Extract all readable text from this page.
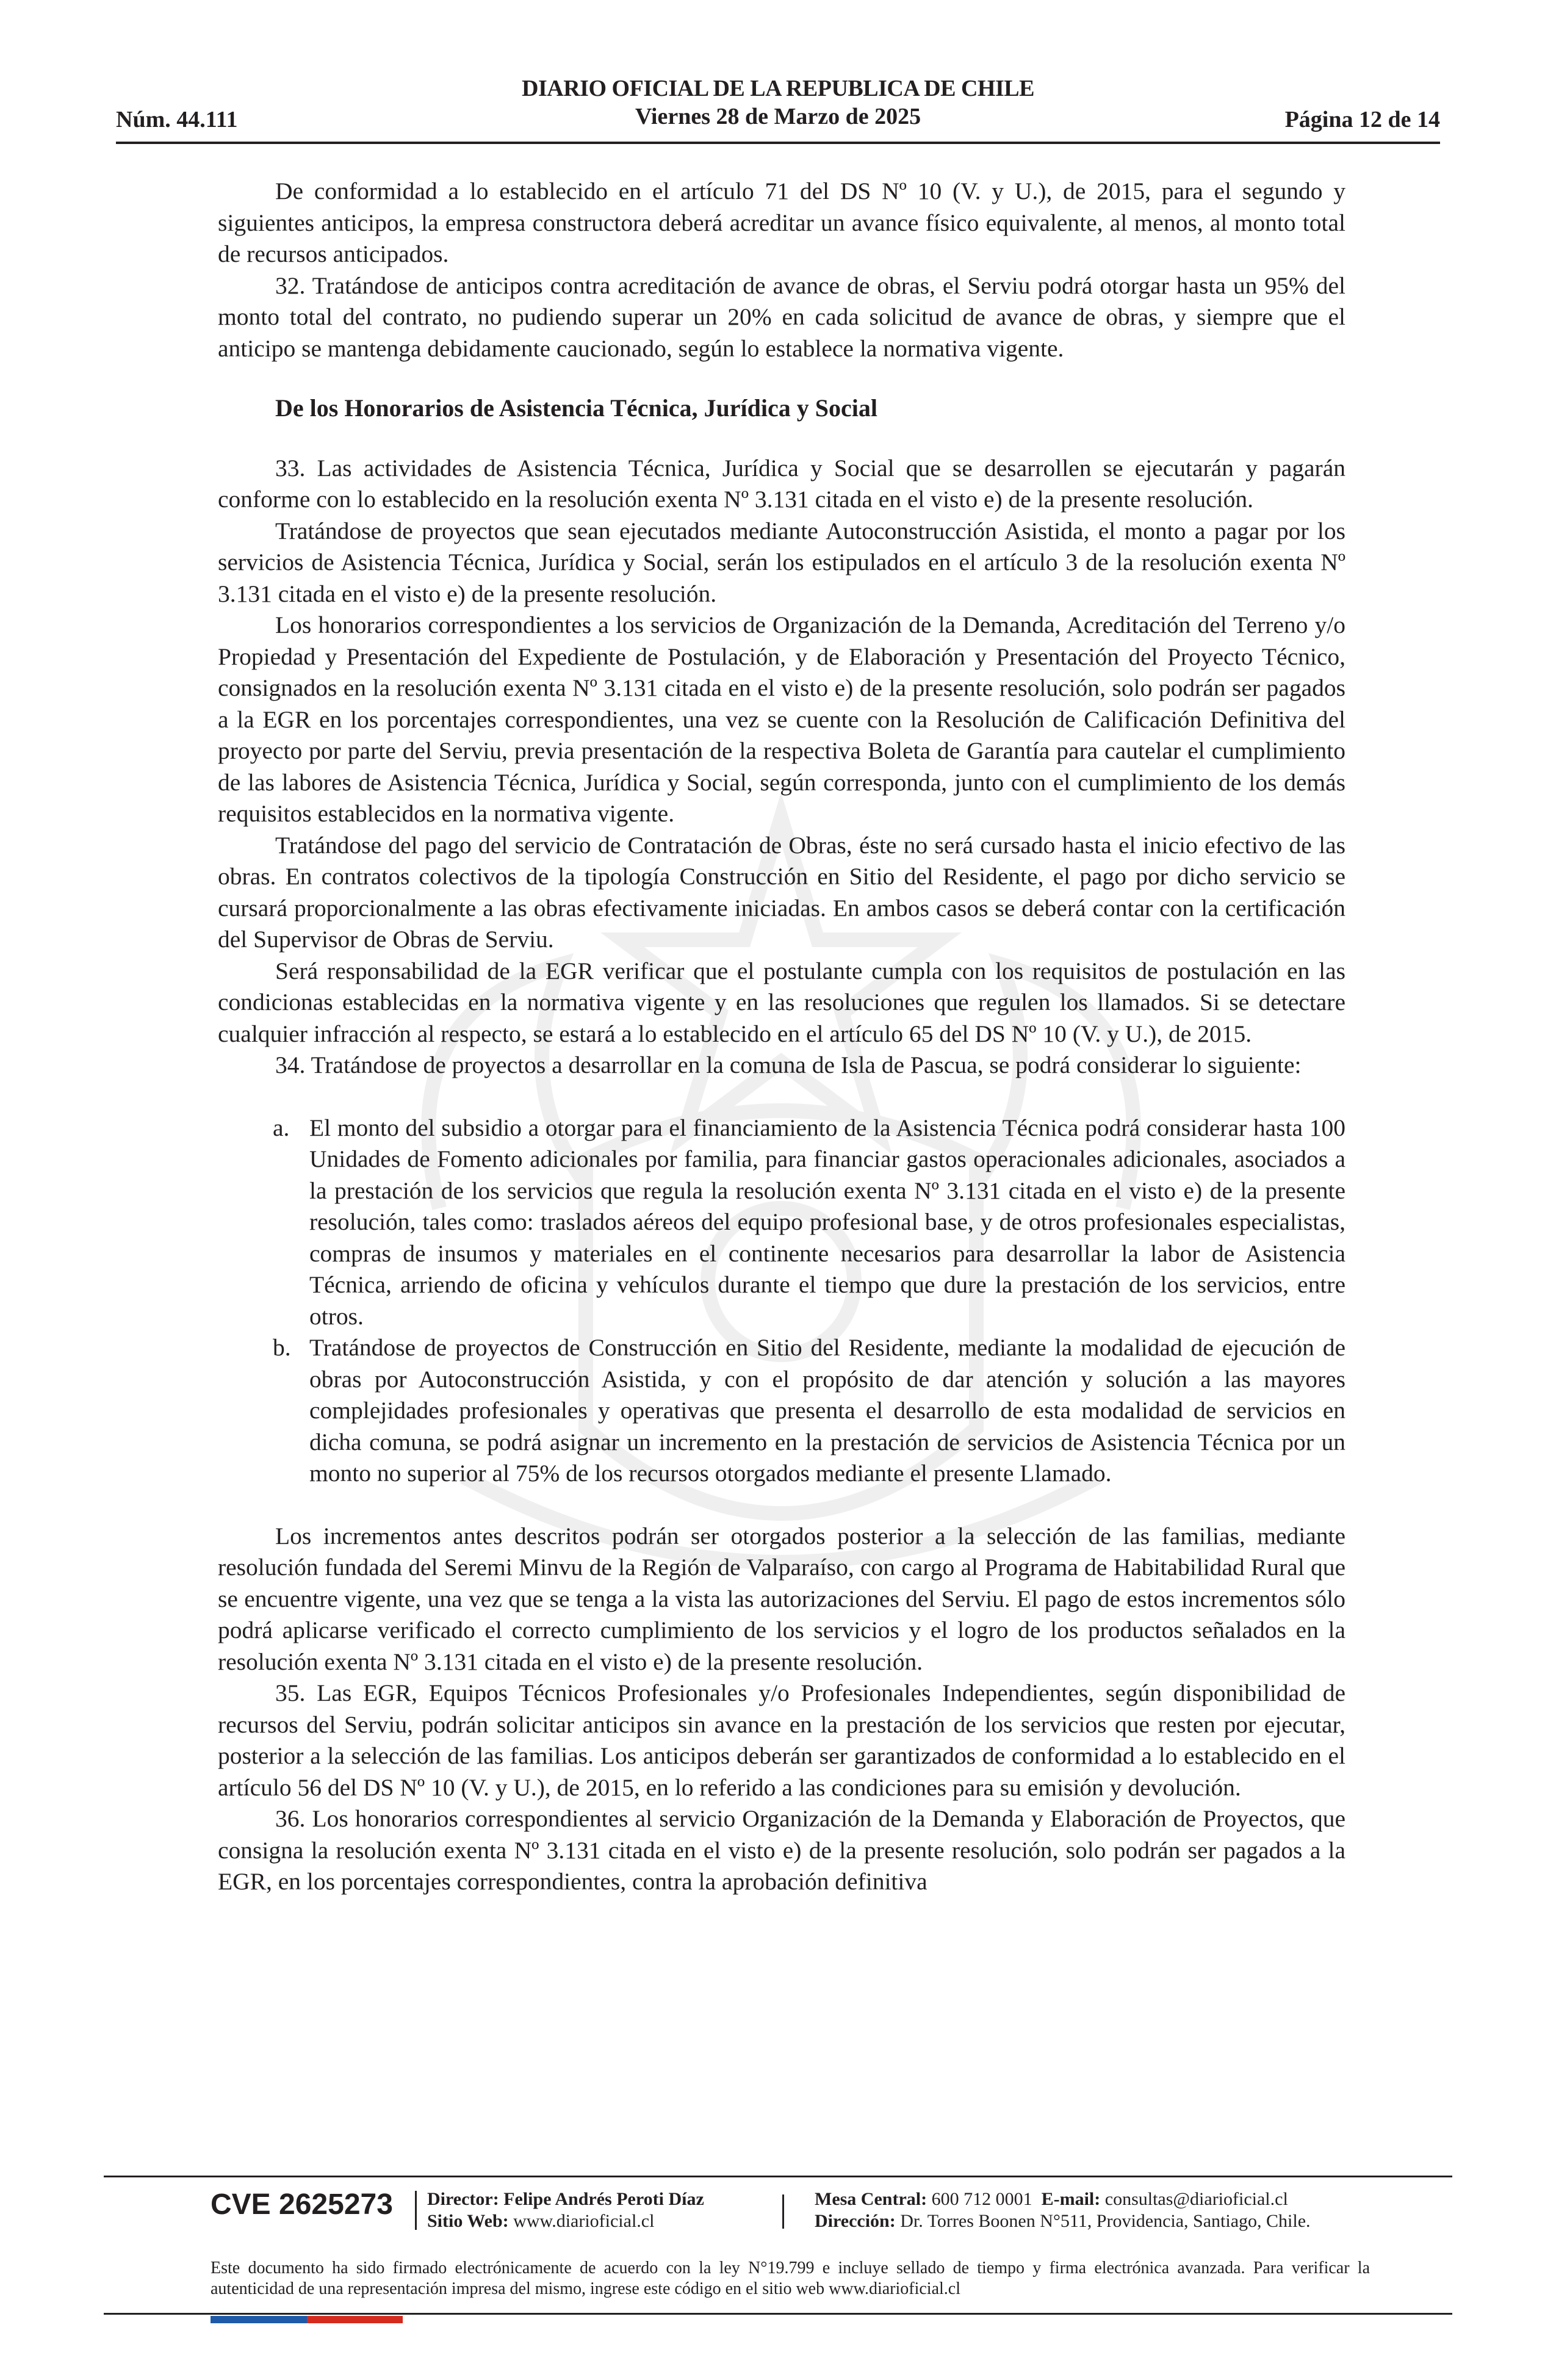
Núm. 44.111
DIARIO OFICIAL DE LA REPUBLICA DE CHILE
Viernes 28 de Marzo de 2025	Página 12 de 14

De conformidad a lo establecido en el artículo 71 del DS Nº 10 (V. y U.), de 2015, para el segundo y siguientes anticipos, la empresa constructora deberá acreditar un avance físico equivalente, al menos, al monto total de recursos anticipados.

32. Tratándose de anticipos contra acreditación de avance de obras, el Serviu podrá otorgar hasta un 95% del monto total del contrato, no pudiendo superar un 20% en cada solicitud de avance de obras, y siempre que el anticipo se mantenga debidamente caucionado, según lo establece la normativa vigente.

De los Honorarios de Asistencia Técnica, Jurídica y Social

33. Las actividades de Asistencia Técnica, Jurídica y Social que se desarrollen se ejecutarán y pagarán conforme con lo establecido en la resolución exenta Nº 3.131 citada en el visto e) de la presente resolución.

Tratándose de proyectos que sean ejecutados mediante Autoconstrucción Asistida, el monto a pagar por los servicios de Asistencia Técnica, Jurídica y Social, serán los estipulados en el artículo 3 de la resolución exenta Nº 3.131 citada en el visto e) de la presente resolución.

Los honorarios correspondientes a los servicios de Organización de la Demanda, Acreditación del Terreno y/o Propiedad y Presentación del Expediente de Postulación, y de Elaboración y Presentación del Proyecto Técnico, consignados en la resolución exenta Nº 3.131 citada en el visto e) de la presente resolución, solo podrán ser pagados a la EGR en los porcentajes correspondientes, una vez se cuente con la Resolución de Calificación Definitiva del proyecto por parte del Serviu, previa presentación de la respectiva Boleta de Garantía para cautelar el cumplimiento de las labores de Asistencia Técnica, Jurídica y Social, según corresponda, junto con el cumplimiento de los demás requisitos establecidos en la normativa vigente.

Tratándose del pago del servicio de Contratación de Obras, éste no será cursado hasta el inicio efectivo de las obras. En contratos colectivos de la tipología Construcción en Sitio del Residente, el pago por dicho servicio se cursará proporcionalmente a las obras efectivamente iniciadas. En ambos casos se deberá contar con la certificación del Supervisor de Obras de Serviu.

Será responsabilidad de la EGR verificar que el postulante cumpla con los requisitos de postulación en las condicionas establecidas en la normativa vigente y en las resoluciones que regulen los llamados. Si se detectare cualquier infracción al respecto, se estará a lo establecido en el artículo 65 del DS Nº 10 (V. y U.), de 2015.

34. Tratándose de proyectos a desarrollar en la comuna de Isla de Pascua, se podrá considerar lo siguiente:

a. El monto del subsidio a otorgar para el financiamiento de la Asistencia Técnica podrá considerar hasta 100 Unidades de Fomento adicionales por familia, para financiar gastos operacionales adicionales, asociados a la prestación de los servicios que regula la resolución exenta Nº 3.131 citada en el visto e) de la presente resolución, tales como: traslados aéreos del equipo profesional base, y de otros profesionales especialistas, compras de insumos y materiales en el continente necesarios para desarrollar la labor de Asistencia Técnica, arriendo de oficina y vehículos durante el tiempo que dure la prestación de los servicios, entre otros.
b. Tratándose de proyectos de Construcción en Sitio del Residente, mediante la modalidad de ejecución de obras por Autoconstrucción Asistida, y con el propósito de dar atención y solución a las mayores complejidades profesionales y operativas que presenta el desarrollo de esta modalidad de servicios en dicha comuna, se podrá asignar un incremento en la prestación de servicios de Asistencia Técnica por un monto no superior al 75% de los recursos otorgados mediante el presente Llamado.

Los incrementos antes descritos podrán ser otorgados posterior a la selección de las familias, mediante resolución fundada del Seremi Minvu de la Región de Valparaíso, con cargo al Programa de Habitabilidad Rural que se encuentre vigente, una vez que se tenga a la vista las autorizaciones del Serviu. El pago de estos incrementos sólo podrá aplicarse verificado el correcto cumplimiento de los servicios y el logro de los productos señalados en la resolución exenta Nº 3.131 citada en el visto e) de la presente resolución.

35. Las EGR, Equipos Técnicos Profesionales y/o Profesionales Independientes, según disponibilidad de recursos del Serviu, podrán solicitar anticipos sin avance en la prestación de los servicios que resten por ejecutar, posterior a la selección de las familias. Los anticipos deberán ser garantizados de conformidad a lo establecido en el artículo 56 del DS Nº 10 (V. y U.), de 2015, en lo referido a las condiciones para su emisión y devolución.

36. Los honorarios correspondientes al servicio Organización de la Demanda y Elaboración de Proyectos, que consigna la resolución exenta Nº 3.131 citada en el visto e) de la presente resolución, solo podrán ser pagados a la EGR, en los porcentajes correspondientes, contra la aprobación definitiva

CVE 2625273 Director: Felipe Andrés Peroti Díaz
Sitio Web: www.diarioficial.cl
Mesa Central: 600 712 0001 E-mail: consultas@diarioficial.cl
Dirección: Dr. Torres Boonen N°511, Providencia, Santiago, Chile.
Este documento ha sido firmado electrónicamente de acuerdo con la ley N°19.799 e incluye sellado de tiempo y firma electrónica avanzada. Para verificar la autenticidad de una representación impresa del mismo, ingrese este código en el sitio web www.diarioficial.cl
